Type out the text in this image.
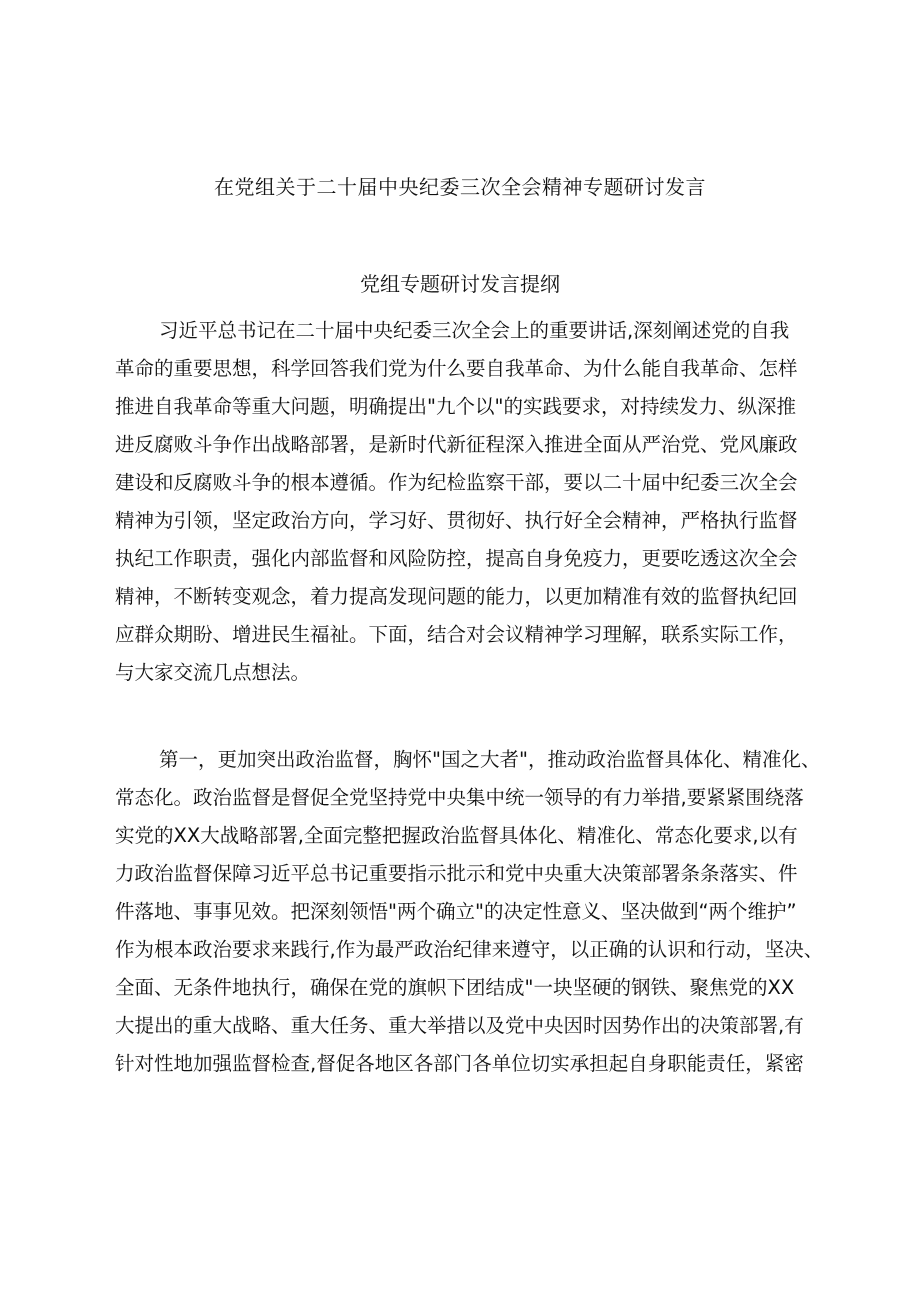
在党组关于二十届中央纪委三次全会精神专题研讨发言
党组专题研讨发言提纲
习近平总书记在二十届中央纪委三次全会上的重要讲话,深刻阐述党的自我
革命的重要思想，科学回答我们党为什么要自我革命、为什么能自我革命、怎样
推进自我革命等重大问题，明确提出"九个以"的实践要求，对持续发力、纵深推
进反腐败斗争作出战略部署，是新时代新征程深入推进全面从严治党、党风廉政
建设和反腐败斗争的根本遵循。作为纪检监察干部，要以二十届中纪委三次全会
精神为引领，坚定政治方向，学习好、贯彻好、执行好全会精神，严格执行监督
执纪工作职责，强化内部监督和风险防控，提高自身免疫力，更要吃透这次全会
精神，不断转变观念，着力提高发现问题的能力，以更加精准有效的监督执纪回
应群众期盼、增进民生福祉。下面，结合对会议精神学习理解，联系实际工作，
与大家交流几点想法。
第一，更加突出政治监督，胸怀"国之大者"，推动政治监督具体化、精准化、
常态化。政治监督是督促全党坚持党中央集中统一领导的有力举措,要紧紧围绕落
实党的XX大战略部署,全面完整把握政治监督具体化、精准化、常态化要求,以有
力政治监督保障习近平总书记重要指示批示和党中央重大决策部署条条落实、件
件落地、事事见效。把深刻领悟"两个确立"的决定性意义、坚决做到“两个维护”
作为根本政治要求来践行,作为最严政治纪律来遵守，以正确的认识和行动，坚决、
全面、无条件地执行，确保在党的旗帜下团结成"一块坚硬的钢铁、聚焦党的XX
大提出的重大战略、重大任务、重大举措以及党中央因时因势作出的决策部署,有
针对性地加强监督检查,督促各地区各部门各单位切实承担起自身职能责任，紧密
